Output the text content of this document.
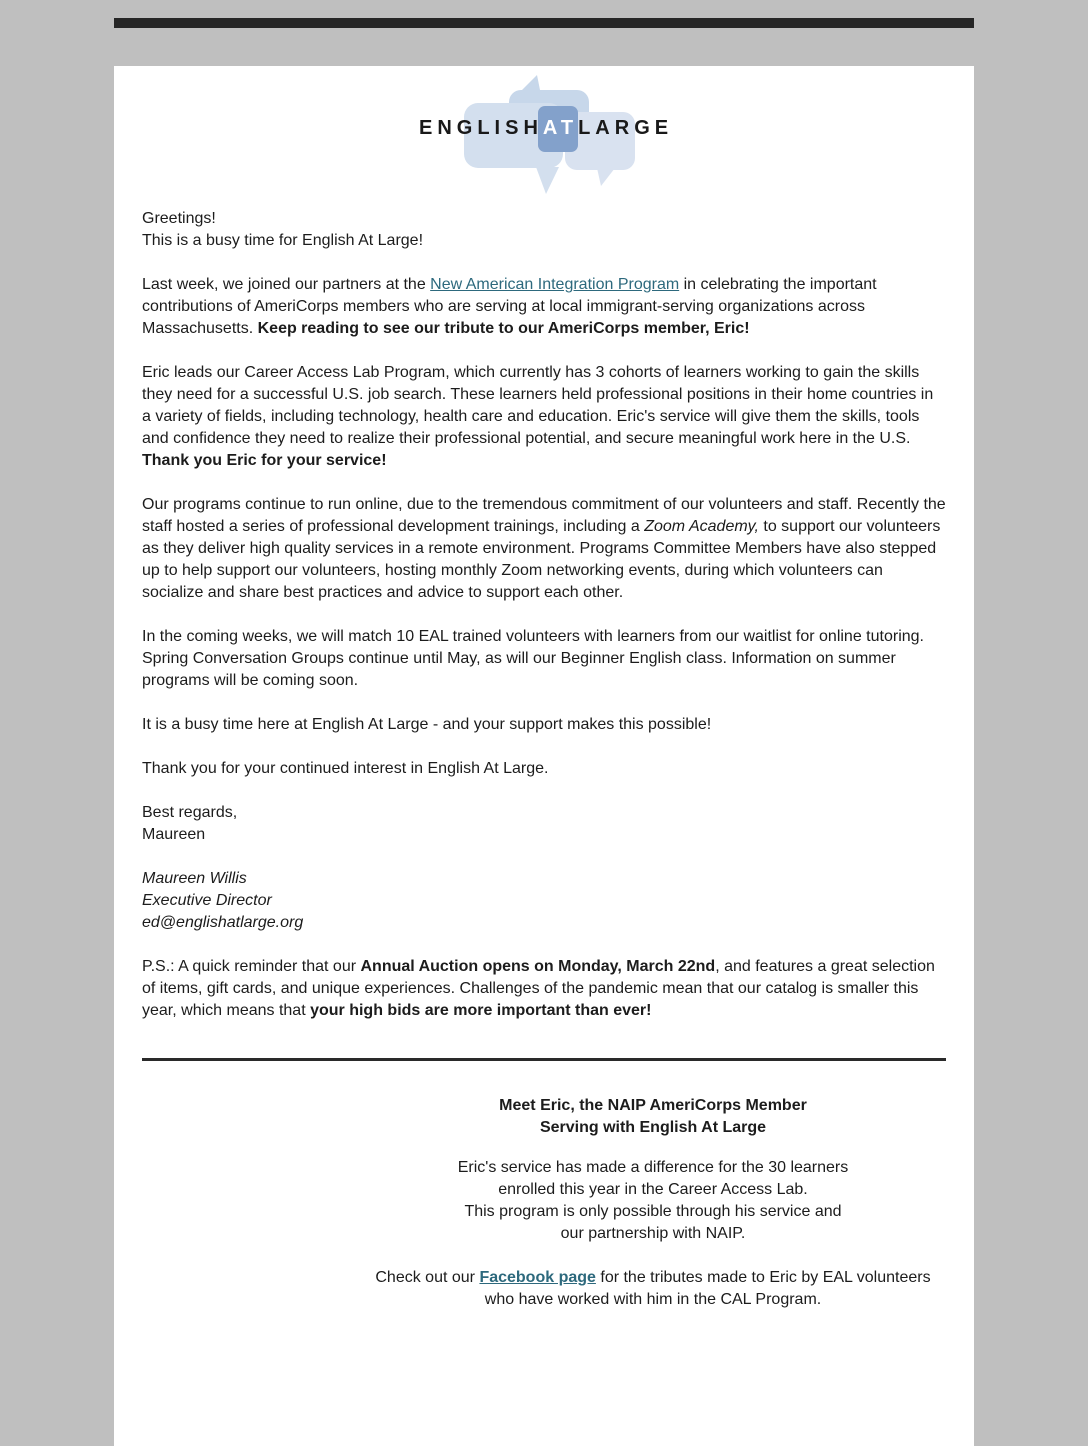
ENGLISHATLARGE

Greetings!
This is a busy time for English At Large!

Last week, we joined our partners at the New American Integration Program in celebrating the important contributions of AmeriCorps members who are serving at local immigrant-serving organizations across Massachusetts. Keep reading to see our tribute to our AmeriCorps member, Eric!

Eric leads our Career Access Lab Program, which currently has 3 cohorts of learners working to gain the skills they need for a successful U.S. job search. These learners held professional positions in their home countries in a variety of fields, including technology, health care and education. Eric's service will give them the skills, tools and confidence they need to realize their professional potential, and secure meaningful work here in the U.S. Thank you Eric for your service!

Our programs continue to run online, due to the tremendous commitment of our volunteers and staff. Recently the staff hosted a series of professional development trainings, including a Zoom Academy, to support our volunteers as they deliver high quality services in a remote environment. Programs Committee Members have also stepped up to help support our volunteers, hosting monthly Zoom networking events, during which volunteers can socialize and share best practices and advice to support each other.

In the coming weeks, we will match 10 EAL trained volunteers with learners from our waitlist for online tutoring. Spring Conversation Groups continue until May, as will our Beginner English class. Information on summer programs will be coming soon.

It is a busy time here at English At Large - and your support makes this possible!

Thank you for your continued interest in English At Large.

Best regards,
Maureen

Maureen Willis
Executive Director
ed@englishatlarge.org

P.S.: A quick reminder that our Annual Auction opens on Monday, March 22nd, and features a great selection of items, gift cards, and unique experiences. Challenges of the pandemic mean that our catalog is smaller this year, which means that your high bids are more important than ever!

Meet Eric, the NAIP AmeriCorps Member
Serving with English At Large

Eric's service has made a difference for the 30 learners
enrolled this year in the Career Access Lab.
This program is only possible through his service and
our partnership with NAIP.

Check out our Facebook page for the tributes made to Eric by EAL volunteers who have worked with him in the CAL Program.
